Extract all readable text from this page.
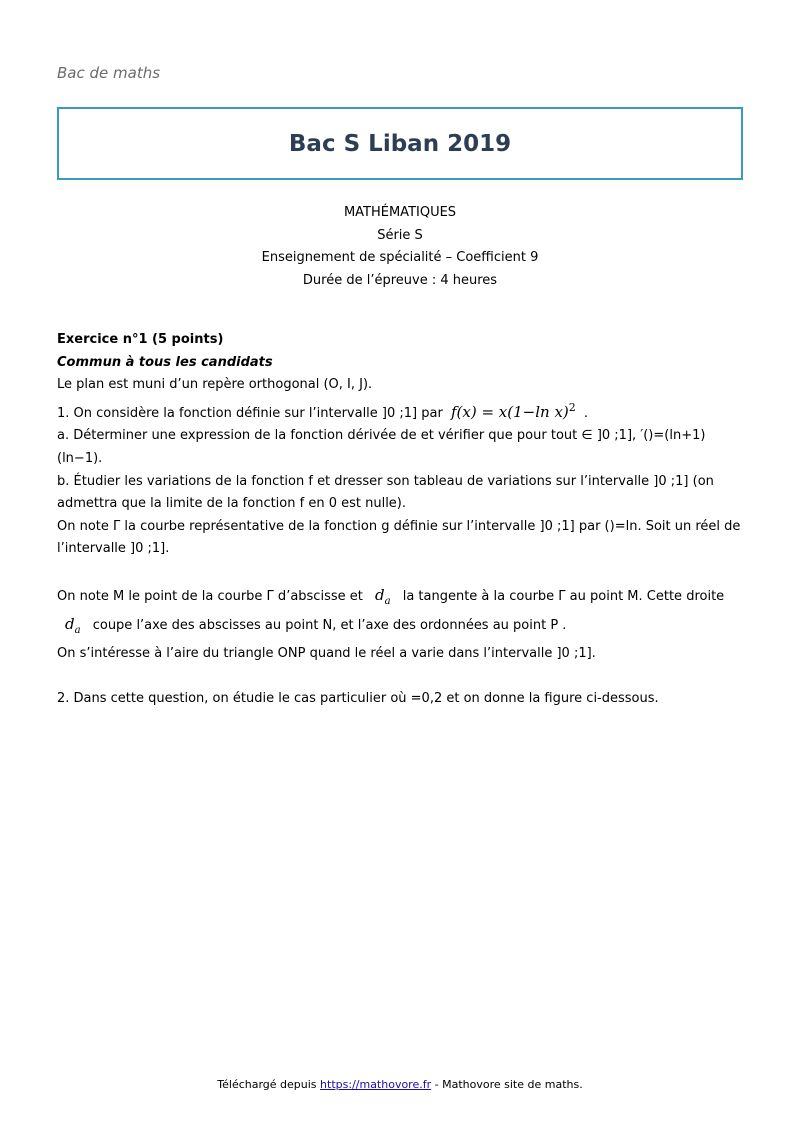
Bac de maths
Bac S Liban 2019
MATHÉMATIQUES
Série S
Enseignement de spécialité – Coefficient 9
Durée de l’épreuve : 4 heures
Exercice n°1 (5 points)
Commun à tous les candidats
Le plan est muni d’un repère orthogonal (O, I, J).
1. On considère la fonction définie sur l’intervalle ]0 ;1] par f(x) = x(1−ln x)$^2$ .
a. Déterminer une expression de la fonction dérivée de et vérifier que pour tout ∈ ]0 ;1], ′()=(ln+1)(ln−1).
b. Étudier les variations de la fonction f et dresser son tableau de variations sur l’intervalle ]0 ;1] (on admettra que la limite de la fonction f en 0 est nulle).
On note Γ la courbe représentative de la fonction g définie sur l’intervalle ]0 ;1] par ()=ln. Soit un réel de l’intervalle ]0 ;1].
On note M le point de la courbe Γ d’abscisse et $d_a$ la tangente à la courbe Γ au point M. Cette droite $d_a$ coupe l’axe des abscisses au point N, et l’axe des ordonnées au point P .
On s’intéresse à l’aire du triangle ONP quand le réel a varie dans l’intervalle ]0 ;1].
2. Dans cette question, on étudie le cas particulier où =0,2 et on donne la figure ci-dessous.
Téléchargé depuis https://mathovore.fr - Mathovore site de maths.
